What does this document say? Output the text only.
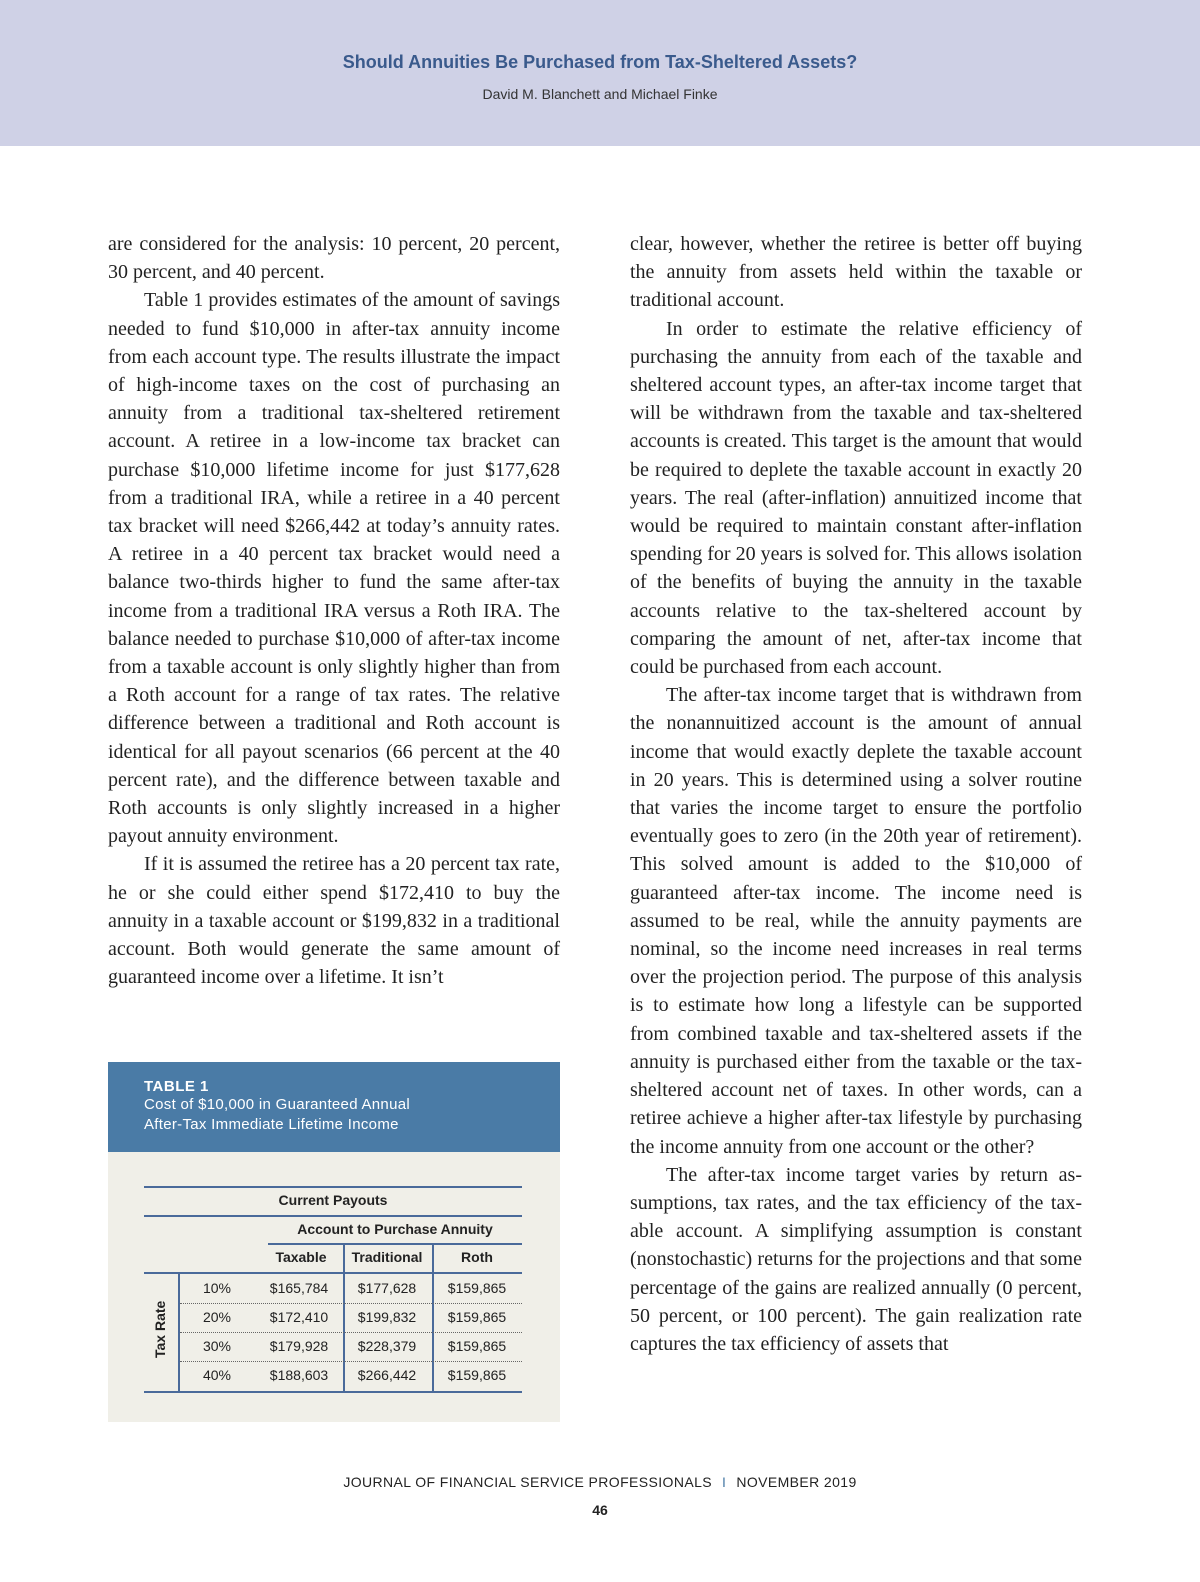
Should Annuities Be Purchased from Tax-Sheltered Assets?
David M. Blanchett and Michael Finke

are considered for the analysis: 10 percent, 20 percent, 30 percent, and 40 percent.

Table 1 provides estimates of the amount of savings needed to fund $10,000 in after-tax annuity income from each account type. The results illustrate the impact of high-income taxes on the cost of purchasing an annuity from a traditional tax-sheltered retirement account. A retiree in a low-income tax bracket can purchase $10,000 lifetime income for just $177,628 from a traditional IRA, while a retiree in a 40 percent tax bracket will need $266,442 at today’s annuity rates. A retiree in a 40 percent tax bracket would need a balance two-thirds higher to fund the same after-tax income from a traditional IRA versus a Roth IRA. The balance needed to purchase $10,000 of after-tax income from a taxable account is only slightly higher than from a Roth account for a range of tax rates. The relative difference between a traditional and Roth account is identical for all payout scenarios (66 percent at the 40 percent rate), and the difference between taxable and Roth accounts is only slightly increased in a higher payout annuity environment.

If it is assumed the retiree has a 20 percent tax rate, he or she could either spend $172,410 to buy the annuity in a taxable account or $199,832 in a traditional account. Both would generate the same amount of guaranteed income over a lifetime. It isn’t

clear, however, whether the retiree is better off buying the annuity from assets held within the taxable or traditional account.

In order to estimate the relative efficiency of purchasing the annuity from each of the taxable and sheltered account types, an after-tax income target that will be withdrawn from the taxable and tax-sheltered accounts is created. This target is the amount that would be required to deplete the taxable account in exactly 20 years. The real (after-inflation) annuitized income that would be required to maintain constant after-inflation spending for 20 years is solved for. This allows isolation of the benefits of buying the annuity in the taxable accounts relative to the tax-sheltered account by comparing the amount of net, after-tax income that could be purchased from each account.

The after-tax income target that is withdrawn from the nonannuitized account is the amount of annual income that would exactly deplete the taxable account in 20 years. This is determined using a solver routine that varies the income target to ensure the portfolio eventually goes to zero (in the 20th year of retirement). This solved amount is added to the $10,000 of guaranteed after-tax income. The income need is assumed to be real, while the annuity payments are nominal, so the income need increases in real terms over the projection period. The purpose of this analysis is to estimate how long a lifestyle can be supported from combined taxable and tax-sheltered assets if the annuity is purchased either from the taxable or the tax-sheltered account net of taxes. In other words, can a retiree achieve a higher after-tax lifestyle by purchasing the income annuity from one account or the other?

The after-tax income target varies by return assumptions, tax rates, and the tax efficiency of the taxable account. A simplifying assumption is constant (nonstochastic) returns for the projections and that some percentage of the gains are realized annually (0 percent, 50 percent, or 100 percent). The gain realization rate captures the tax efficiency of assets that

TABLE 1
Cost of $10,000 in Guaranteed Annual
After-Tax Immediate Lifetime Income
Current Payouts
Account to Purchase Annuity
Taxable	Traditional	Roth
Tax Rate
10%	$165,784	$177,628	$159,865
20%	$172,410	$199,832	$159,865
30%	$179,928	$228,379	$159,865
40%	$188,603	$266,442	$159,865
JOURNAL OF FINANCIAL SERVICE PROFESSIONALS I NOVEMBER 2019
46
